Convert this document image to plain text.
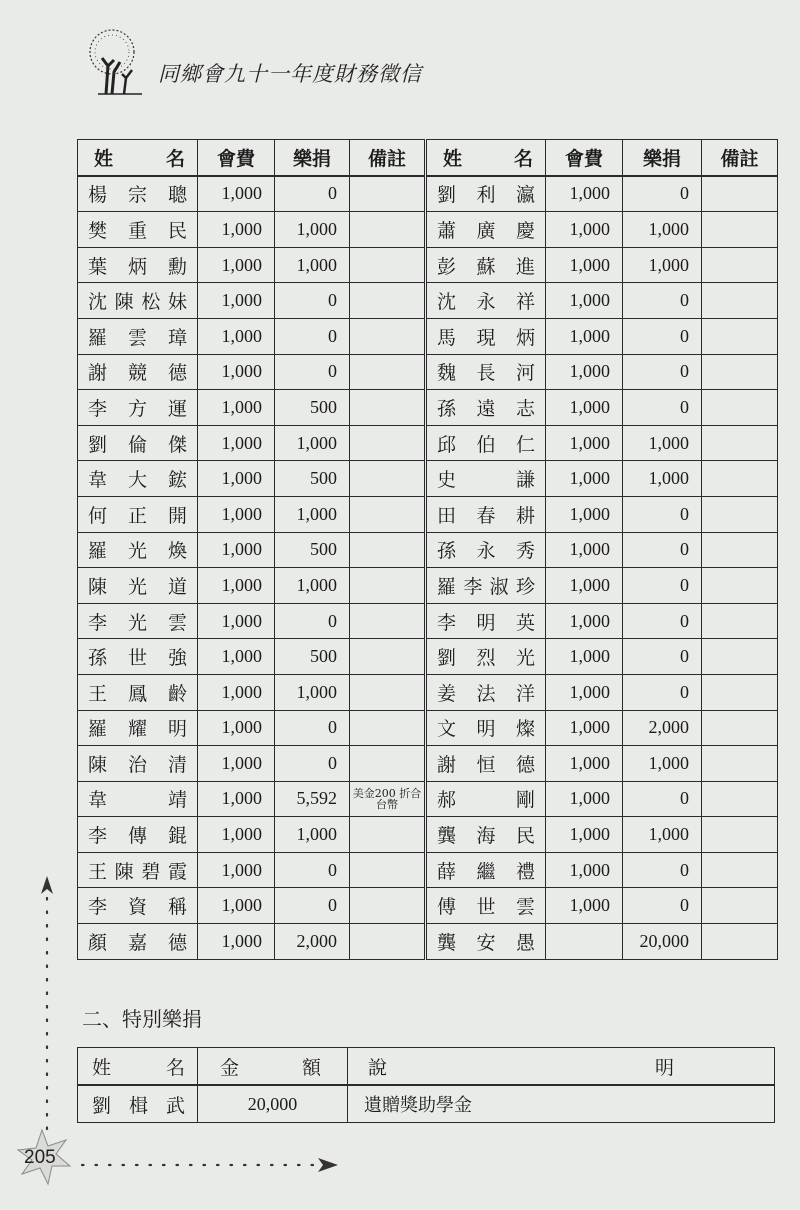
同鄉會九十一年度財務徵信
姓　名	會費	樂捐	備註	姓　名	會費	樂捐	備註
楊宗聰	1,000	0		劉利瀛	1,000	0	
樊重民	1,000	1,000		蕭廣慶	1,000	1,000	
葉炳勳	1,000	1,000		彭蘇進	1,000	1,000	
沈陳松妹	1,000	0		沈永祥	1,000	0	
羅雲璋	1,000	0		馬現炳	1,000	0	
謝競德	1,000	0		魏長河	1,000	0	
李方運	1,000	500		孫遠志	1,000	0	
劉倫傑	1,000	1,000		邱伯仁	1,000	1,000	
韋大鋐	1,000	500		史謙	1,000	1,000	
何正開	1,000	1,000		田春耕	1,000	0	
羅光煥	1,000	500		孫永秀	1,000	0	
陳光道	1,000	1,000		羅李淑珍	1,000	0	
李光雲	1,000	0		李明英	1,000	0	
孫世強	1,000	500		劉烈光	1,000	0	
王鳳齡	1,000	1,000		姜法洋	1,000	0	
羅耀明	1,000	0		文明燦	1,000	2,000	
陳治清	1,000	0		謝恒德	1,000	1,000	
韋靖	1,000	5,592	美金200 折合台幣	郝剛	1,000	0	
李傳錕	1,000	1,000		龔海民	1,000	1,000	
王陳碧霞	1,000	0		薛繼禮	1,000	0	
李資稱	1,000	0		傅世雲	1,000	0	
顏嘉德	1,000	2,000		龔安愚		20,000	
二、特別樂捐
姓　名	金　額	說　明
劉楫武	20,000	遺贈獎助學金
205
